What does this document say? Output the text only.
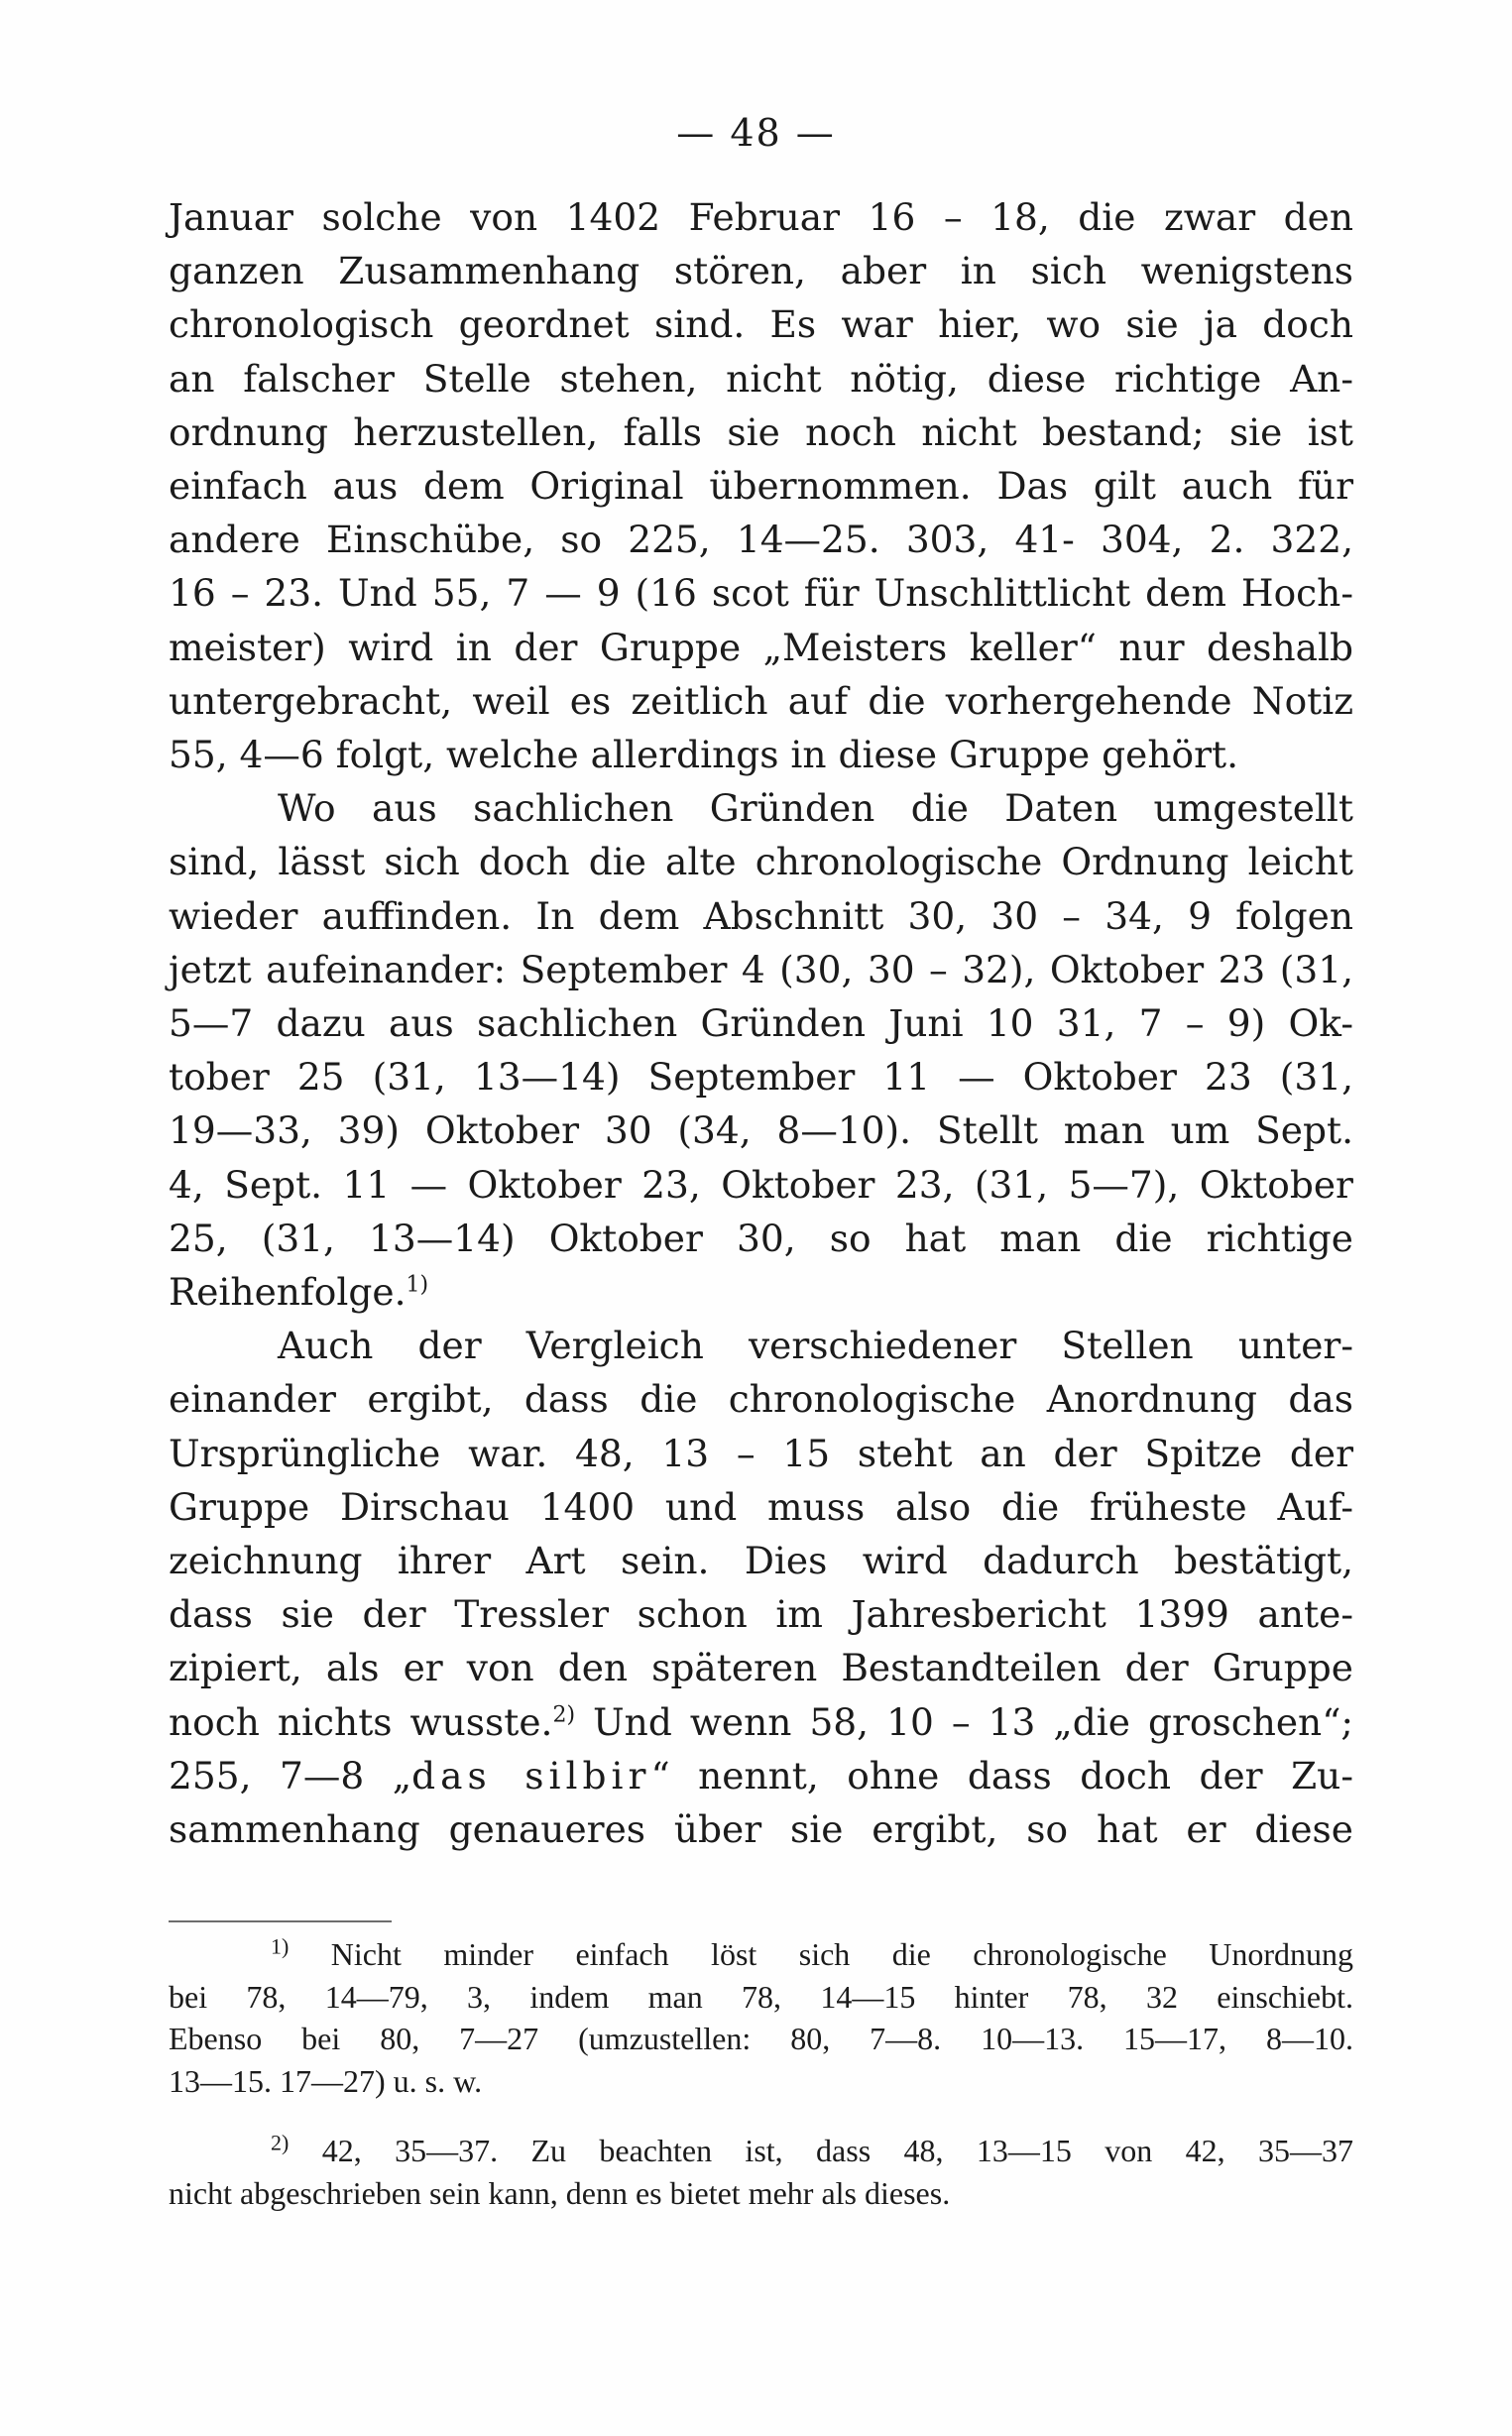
— 48 —
Januar solche von 1402 Februar 16 – 18, die zwar den
ganzen Zusammenhang stören, aber in sich wenigstens
chronologisch geordnet sind. Es war hier, wo sie ja doch
an falscher Stelle stehen, nicht nötig, diese richtige An-
ordnung herzustellen, falls sie noch nicht bestand; sie ist
einfach aus dem Original übernommen. Das gilt auch für
andere Einschübe, so 225, 14—25. 303, 41- 304, 2. 322,
16 – 23. Und 55, 7 — 9 (16 scot für Unschlittlicht dem Hoch-
meister) wird in der Gruppe „Meisters keller“ nur deshalb
untergebracht, weil es zeitlich auf die vorhergehende Notiz
55, 4—6 folgt, welche allerdings in diese Gruppe gehört.
Wo aus sachlichen Gründen die Daten umgestellt
sind, lässt sich doch die alte chronologische Ordnung leicht
wieder auffinden. In dem Abschnitt 30, 30 – 34, 9 folgen
jetzt aufeinander: September 4 (30, 30 – 32), Oktober 23 (31,
5—7 dazu aus sachlichen Gründen Juni 10 31, 7 – 9) Ok-
tober 25 (31, 13—14) September 11 — Oktober 23 (31,
19—33, 39) Oktober 30 (34, 8—10). Stellt man um Sept.
4, Sept. 11 — Oktober 23, Oktober 23, (31, 5—7), Oktober
25, (31, 13—14) Oktober 30, so hat man die richtige
Reihenfolge.$^{1)}$
Auch der Vergleich verschiedener Stellen unter-
einander ergibt, dass die chronologische Anordnung das
Ursprüngliche war. 48, 13 – 15 steht an der Spitze der
Gruppe Dirschau 1400 und muss also die früheste Auf-
zeichnung ihrer Art sein. Dies wird dadurch bestätigt,
dass sie der Tressler schon im Jahresbericht 1399 ante-
zipiert, als er von den späteren Bestandteilen der Gruppe
noch nichts wusste.$^{2)}$ Und wenn 58, 10 – 13 „die groschen“;
255, 7—8 „das silbir“ nennt, ohne dass doch der Zu-
sammenhang genaueres über sie ergibt, so hat er diese
$^{1)}$ Nicht minder einfach löst sich die chronologische Unordnung
bei 78, 14—79, 3, indem man 78, 14—15 hinter 78, 32 einschiebt.
Ebenso bei 80, 7—27 (umzustellen: 80, 7—8. 10—13. 15—17, 8—10.
13—15. 17—27) u. s. w.
$^{2)}$ 42, 35—37. Zu beachten ist, dass 48, 13—15 von 42, 35—37
nicht abgeschrieben sein kann, denn es bietet mehr als dieses.
